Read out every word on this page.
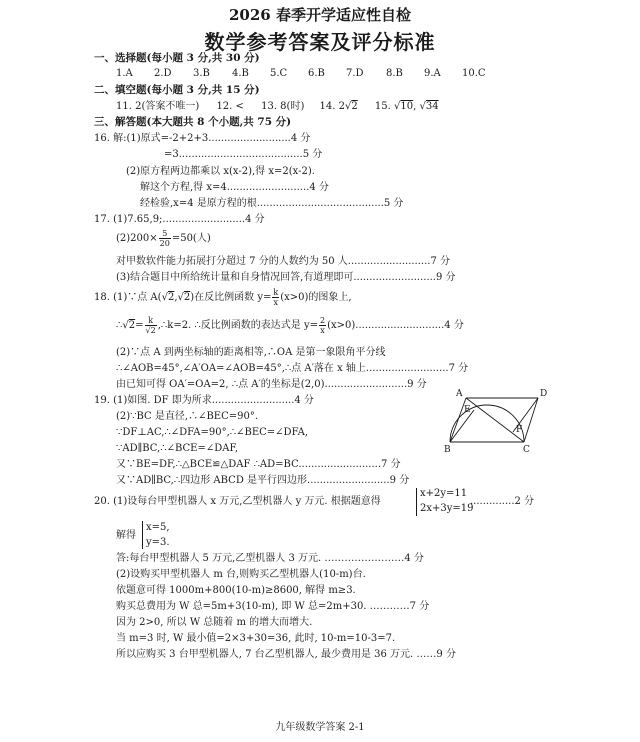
2026 春季开学适应性自检
数学参考答案及评分标准
一、选择题(每小题 3 分,共 30 分)
1.A 2.D 3.B 4.B 5.C 6.B 7.D 8.B 9.A 10.C
二、填空题(每小题 3 分,共 15 分)
11. 2(答案不唯一) 12. < 13. 8(时) 14. 2√2 15. √10, √34
三、解答题(本大题共 8 个小题,共 75 分)
16. 解:(1)原式=-2+2+3..........................4 分
=3.......................................5 分
(2)原方程两边都乘以 x(x-2),得 x=2(x-2).
解这个方程,得 x=4..........................4 分
经检验,x=4 是原方程的根........................................5 分
17. (1)7.65,9;..........................4 分
$(2)200\times \frac{5}{20} =50$(人)
对甲数软件能力拓展打分超过 7 分的人数约为 50 人..........................7 分
(3)结合题目中所给统计量和自身情况回答,有道理即可..........................9 分
18. (1)∵点 A(√2,√2)在反比例函数 $y= \frac{k}{x} (x>0)$的图象上,
∴√2= $\frac{k}{√2}$ ,∴k=2. ∴反比例函数的表达式是 $y= \frac{2}{x} (x>0)............................4$ 分
(2)∵点 A 到两坐标轴的距离相等,∴OA 是第一象限角平分线
∴∠AOB=45°,∠A′OA=∠AOB=45°,∴点 A′落在 x 轴上..........................7 分
由已知可得 OA′=OA=2, ∴点 A′的坐标是(2,0)..........................9 分
19. (1)如图. DF 即为所求..........................4 分
(2)∵BC 是直径,∴∠BEC=90°.
∵DF⊥AC,∴∠DFA=90°,∴∠BEC=∠DFA,
∵AD∥BC,∴∠BCE=∠DAF,
又∵BE=DF,∴△BCE≌△DAF ∴AD=BC..........................7 分
又∵AD∥BC,∴四边形 ABCD 是平行四边形..........................9 分
A	D
E
F
B	C
20. (1)设每台甲型机器人 x 万元,乙型机器人 y 万元. 根据题意得
x+2y=11
2x+3y=19
..............2 分
解得
x=5,
y=3.
答:每台甲型机器人 5 万元,乙型机器人 3 万元. ……………………4 分
(2)设购买甲型机器人 m 台,则购买乙型机器人(10-m)台.
依题意可得 1000m+800(10-m)≥8600, 解得 m≥3.
购买总费用为 W 总=5m+3(10-m), 即 W 总=2m+30. …………7 分
因为 2>0, 所以 W 总随着 m 的增大而增大.
当 m=3 时, W 最小值=2×3+30=36, 此时, 10-m=10-3=7.
所以应购买 3 台甲型机器人, 7 台乙型机器人, 最少费用是 36 万元. ……9 分
九年级数学答案 2-1
